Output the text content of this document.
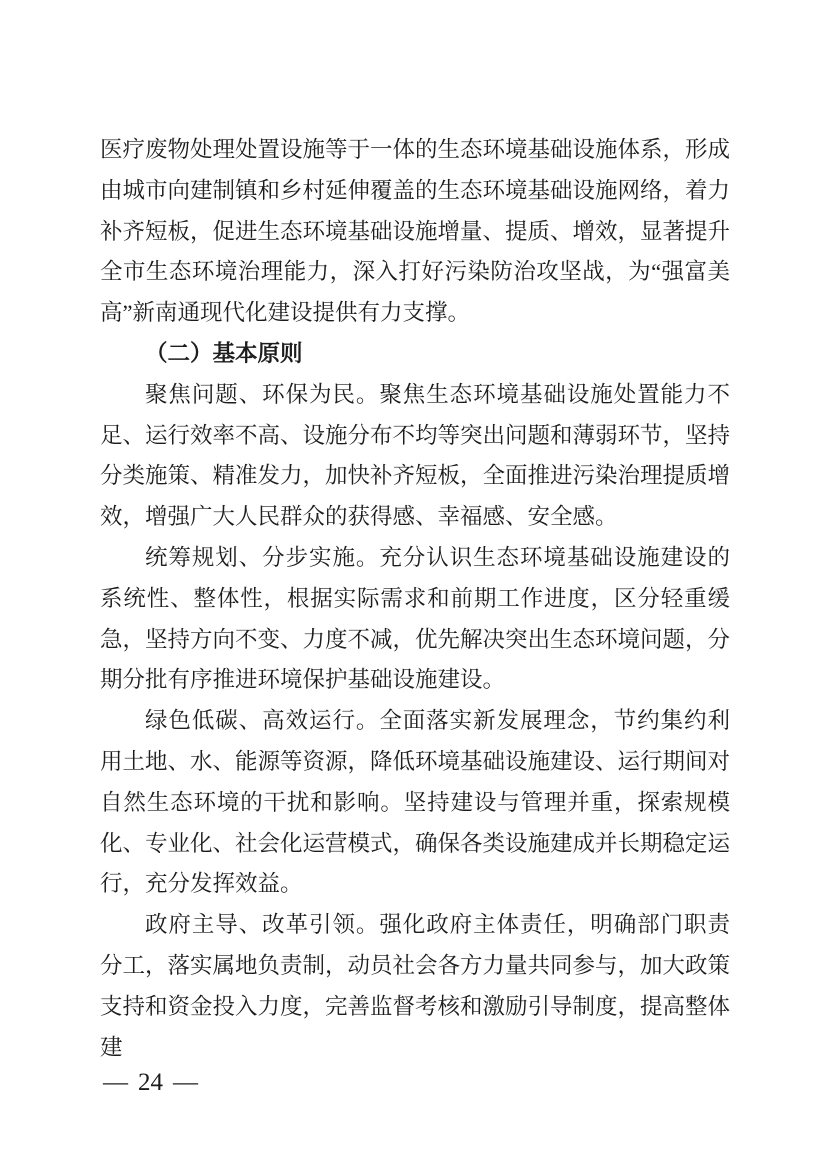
医疗废物处理处置设施等于一体的生态环境基础设施体系，形成由城市向建制镇和乡村延伸覆盖的生态环境基础设施网络，着力补齐短板，促进生态环境基础设施增量、提质、增效，显著提升全市生态环境治理能力，深入打好污染防治攻坚战，为“强富美高”新南通现代化建设提供有力支撑。

（二）基本原则

聚焦问题、环保为民。聚焦生态环境基础设施处置能力不足、运行效率不高、设施分布不均等突出问题和薄弱环节，坚持分类施策、精准发力，加快补齐短板，全面推进污染治理提质增效，增强广大人民群众的获得感、幸福感、安全感。

统筹规划、分步实施。充分认识生态环境基础设施建设的系统性、整体性，根据实际需求和前期工作进度，区分轻重缓急，坚持方向不变、力度不减，优先解决突出生态环境问题，分期分批有序推进环境保护基础设施建设。

绿色低碳、高效运行。全面落实新发展理念，节约集约利用土地、水、能源等资源，降低环境基础设施建设、运行期间对自然生态环境的干扰和影响。坚持建设与管理并重，探索规模化、专业化、社会化运营模式，确保各类设施建成并长期稳定运行，充分发挥效益。

政府主导、改革引领。强化政府主体责任，明确部门职责分工，落实属地负责制，动员社会各方力量共同参与，加大政策支持和资金投入力度，完善监督考核和激励引导制度，提高整体建

— 24 —
